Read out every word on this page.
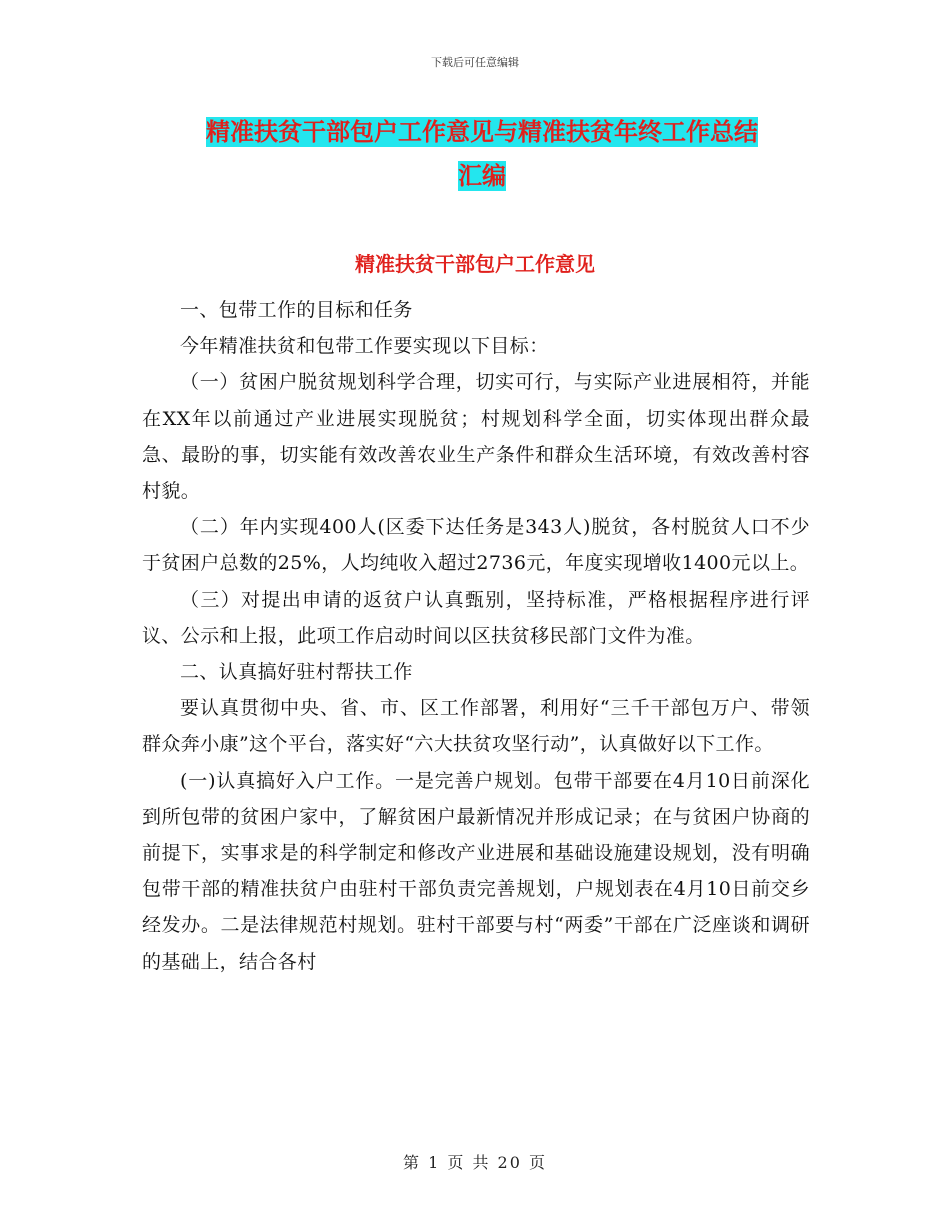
下载后可任意编辑
精准扶贫干部包户工作意见与精准扶贫年终工作总结
汇编
精准扶贫干部包户工作意见

一、包带工作的目标和任务

今年精准扶贫和包带工作要实现以下目标：

（一）贫困户脱贫规划科学合理，切实可行，与实际产业进展相符，并能在XX年以前通过产业进展实现脱贫；村规划科学全面，切实体现出群众最急、最盼的事，切实能有效改善农业生产条件和群众生活环境，有效改善村容村貌。

（二）年内实现400人(区委下达任务是343人)脱贫，各村脱贫人口不少于贫困户总数的25%，人均纯收入超过2736元，年度实现增收1400元以上。

（三）对提出申请的返贫户认真甄别，坚持标准，严格根据程序进行评议、公示和上报，此项工作启动时间以区扶贫移民部门文件为准。

二、认真搞好驻村帮扶工作

要认真贯彻中央、省、市、区工作部署，利用好“三千干部包万户、带领群众奔小康”这个平台，落实好“六大扶贫攻坚行动”，认真做好以下工作。

(一)认真搞好入户工作。一是完善户规划。包带干部要在4月10日前深化到所包带的贫困户家中，了解贫困户最新情况并形成记录；在与贫困户协商的前提下，实事求是的科学制定和修改产业进展和基础设施建设规划，没有明确包带干部的精准扶贫户由驻村干部负责完善规划，户规划表在4月10日前交乡经发办。二是法律规范村规划。驻村干部要与村“两委”干部在广泛座谈和调研的基础上，结合各村

第 1 页 共 20 页
